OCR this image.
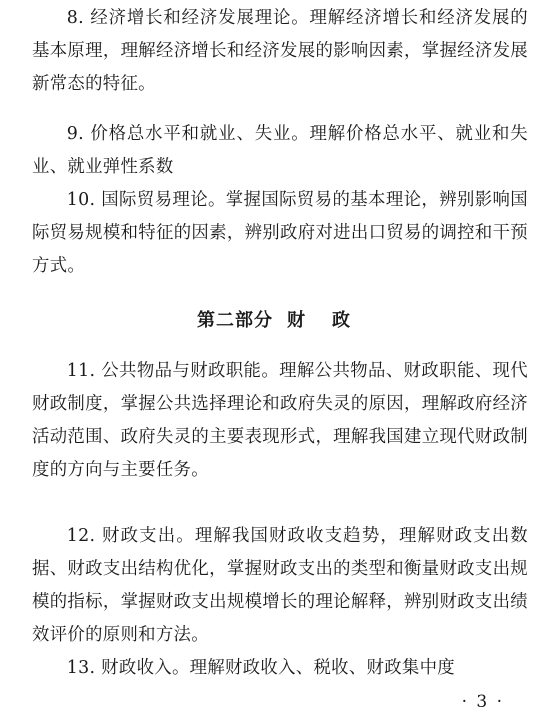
8. 经济增长和经济发展理论。理解经济增长和经济发展的基本原理，理解经济增长和经济发展的影响因素，掌握经济发展新常态的特征。

9. 价格总水平和就业、失业。理解价格总水平、就业和失业、就业弹性系数

10. 国际贸易理论。掌握国际贸易的基本理论，辨别影响国际贸易规模和特征的因素，辨别政府对进出口贸易的调控和干预方式。

第二部分 财 政

11. 公共物品与财政职能。理解公共物品、财政职能、现代财政制度，掌握公共选择理论和政府失灵的原因，理解政府经济活动范围、政府失灵的主要表现形式，理解我国建立现代财政制度的方向与主要任务。

12. 财政支出。理解我国财政收支趋势，理解财政支出数据、财政支出结构优化，掌握财政支出的类型和衡量财政支出规模的指标，掌握财政支出规模增长的理论解释，辨别财政支出绩效评价的原则和方法。

13. 财政收入。理解财政收入、税收、财政集中度

· 3 ·
